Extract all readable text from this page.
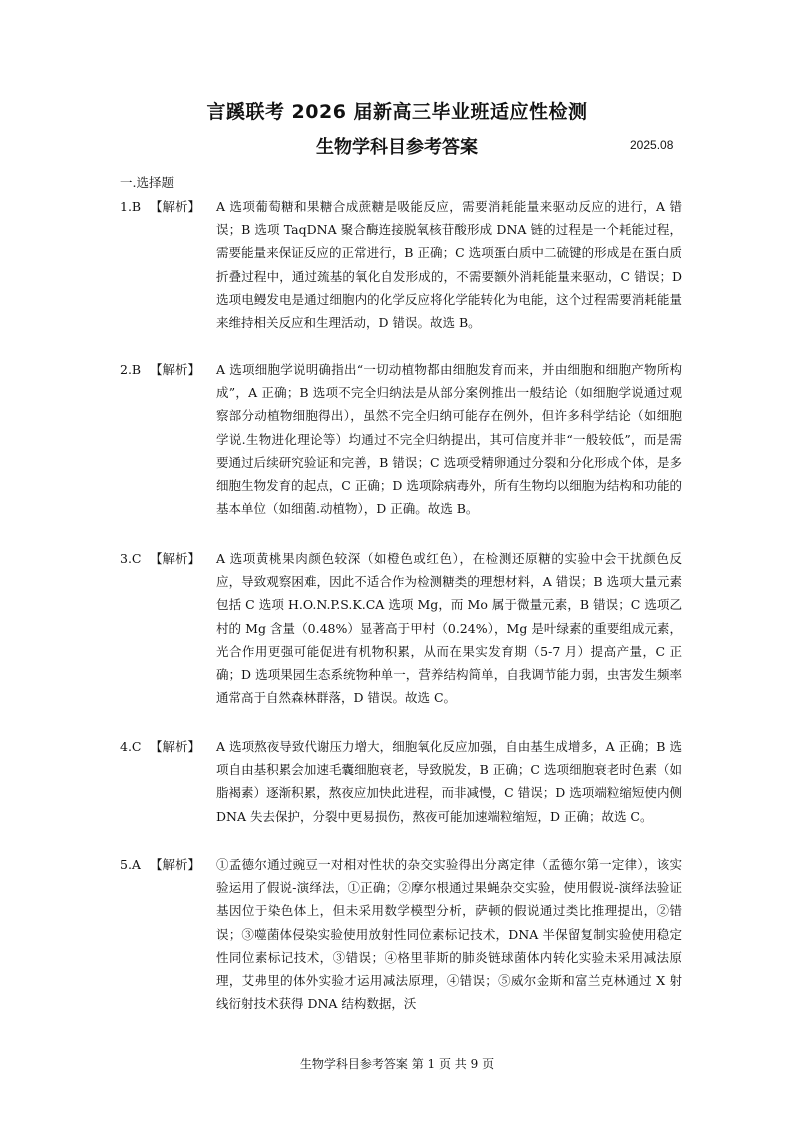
言蹊联考 2026 届新高三毕业班适应性检测
生物学科目参考答案	2025.08
一.选择题
1.B 【解析】	A 选项葡萄糖和果糖合成蔗糖是吸能反应，需要消耗能量来驱动反应的进行，A 错误；B 选项 TaqDNA 聚合酶连接脱氧核苷酸形成 DNA 链的过程是一个耗能过程，需要能量来保证反应的正常进行，B 正确；C 选项蛋白质中二硫键的形成是在蛋白质折叠过程中，通过巯基的氧化自发形成的，不需要额外消耗能量来驱动，C 错误；D 选项电鳗发电是通过细胞内的化学反应将化学能转化为电能，这个过程需要消耗能量来维持相关反应和生理活动，D 错误。故选 B。
2.B 【解析】	A 选项细胞学说明确指出“一切动植物都由细胞发育而来，并由细胞和细胞产物所构成”，A 正确；B 选项不完全归纳法是从部分案例推出一般结论（如细胞学说通过观察部分动植物细胞得出），虽然不完全归纳可能存在例外，但许多科学结论（如细胞学说.生物进化理论等）均通过不完全归纳提出，其可信度并非“一般较低”，而是需要通过后续研究验证和完善，B 错误；C 选项受精卵通过分裂和分化形成个体，是多细胞生物发育的起点，C 正确；D 选项除病毒外，所有生物均以细胞为结构和功能的基本单位（如细菌.动植物），D 正确。故选 B。
3.C 【解析】	A 选项黄桃果肉颜色较深（如橙色或红色），在检测还原糖的实验中会干扰颜色反应，导致观察困难，因此不适合作为检测糖类的理想材料，A 错误；B 选项大量元素包括 C 选项 H.O.N.P.S.K.CA 选项 Mg，而 Mo 属于微量元素，B 错误；C 选项乙村的 Mg 含量（0.48%）显著高于甲村（0.24%），Mg 是叶绿素的重要组成元素，光合作用更强可能促进有机物积累，从而在果实发育期（5-7 月）提高产量，C 正确；D 选项果园生态系统物种单一，营养结构简单，自我调节能力弱，虫害发生频率通常高于自然森林群落，D 错误。故选 C。
4.C 【解析】	A 选项熬夜导致代谢压力增大，细胞氧化反应加强，自由基生成增多，A 正确；B 选项自由基积累会加速毛囊细胞衰老，导致脱发，B 正确；C 选项细胞衰老时色素（如脂褐素）逐渐积累，熬夜应加快此进程，而非减慢，C 错误；D 选项端粒缩短使内侧 DNA 失去保护，分裂中更易损伤，熬夜可能加速端粒缩短，D 正确；故选 C。
5.A 【解析】	①孟德尔通过豌豆一对相对性状的杂交实验得出分离定律（孟德尔第一定律），该实验运用了假说-演绎法，①正确；②摩尔根通过果蝇杂交实验，使用假说-演绎法验证基因位于染色体上，但未采用数学模型分析，萨顿的假说通过类比推理提出，②错误；③噬菌体侵染实验使用放射性同位素标记技术，DNA 半保留复制实验使用稳定性同位素标记技术，③错误；④格里菲斯的肺炎链球菌体内转化实验未采用减法原理，艾弗里的体外实验才运用减法原理，④错误；⑤威尔金斯和富兰克林通过 X 射线衍射技术获得 DNA 结构数据，沃
生物学科目参考答案 第 1 页 共 9 页
